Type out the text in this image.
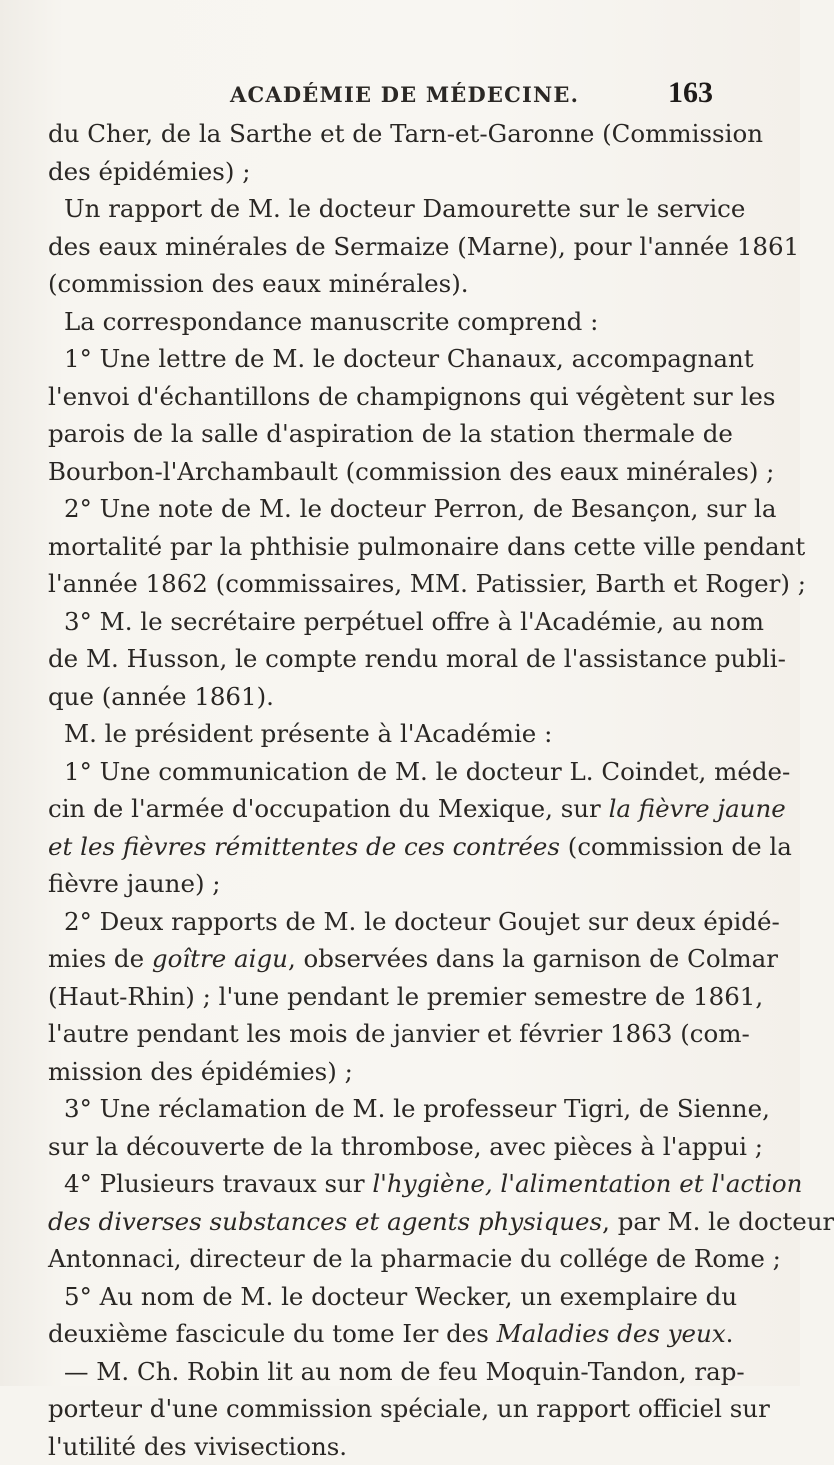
ACADÉMIE DE MÉDECINE.	163
du Cher, de la Sarthe et de Tarn-et-Garonne (Commission
des épidémies) ;
Un rapport de M. le docteur Damourette sur le service
des eaux minérales de Sermaize (Marne), pour l'année 1861
(commission des eaux minérales).
La correspondance manuscrite comprend :
1° Une lettre de M. le docteur Chanaux, accompagnant
l'envoi d'échantillons de champignons qui végètent sur les
parois de la salle d'aspiration de la station thermale de
Bourbon-l'Archambault (commission des eaux minérales) ;
2° Une note de M. le docteur Perron, de Besançon, sur la
mortalité par la phthisie pulmonaire dans cette ville pendant
l'année 1862 (commissaires, MM. Patissier, Barth et Roger) ;
3° M. le secrétaire perpétuel offre à l'Académie, au nom
de M. Husson, le compte rendu moral de l'assistance publi-
que (année 1861).
M. le président présente à l'Académie :
1° Une communication de M. le docteur L. Coindet, méde-
cin de l'armée d'occupation du Mexique, sur la fièvre jaune
et les fièvres rémittentes de ces contrées (commission de la
fièvre jaune) ;
2° Deux rapports de M. le docteur Goujet sur deux épidé-
mies de goître aigu, observées dans la garnison de Colmar
(Haut-Rhin) ; l'une pendant le premier semestre de 1861,
l'autre pendant les mois de janvier et février 1863 (com-
mission des épidémies) ;
3° Une réclamation de M. le professeur Tigri, de Sienne,
sur la découverte de la thrombose, avec pièces à l'appui ;
4° Plusieurs travaux sur l'hygiène, l'alimentation et l'action
des diverses substances et agents physiques, par M. le docteur
Antonnaci, directeur de la pharmacie du collége de Rome ;
5° Au nom de M. le docteur Wecker, un exemplaire du
deuxième fascicule du tome Ier des Maladies des yeux.
— M. Ch. Robin lit au nom de feu Moquin-Tandon, rap-
porteur d'une commission spéciale, un rapport officiel sur
l'utilité des vivisections.
